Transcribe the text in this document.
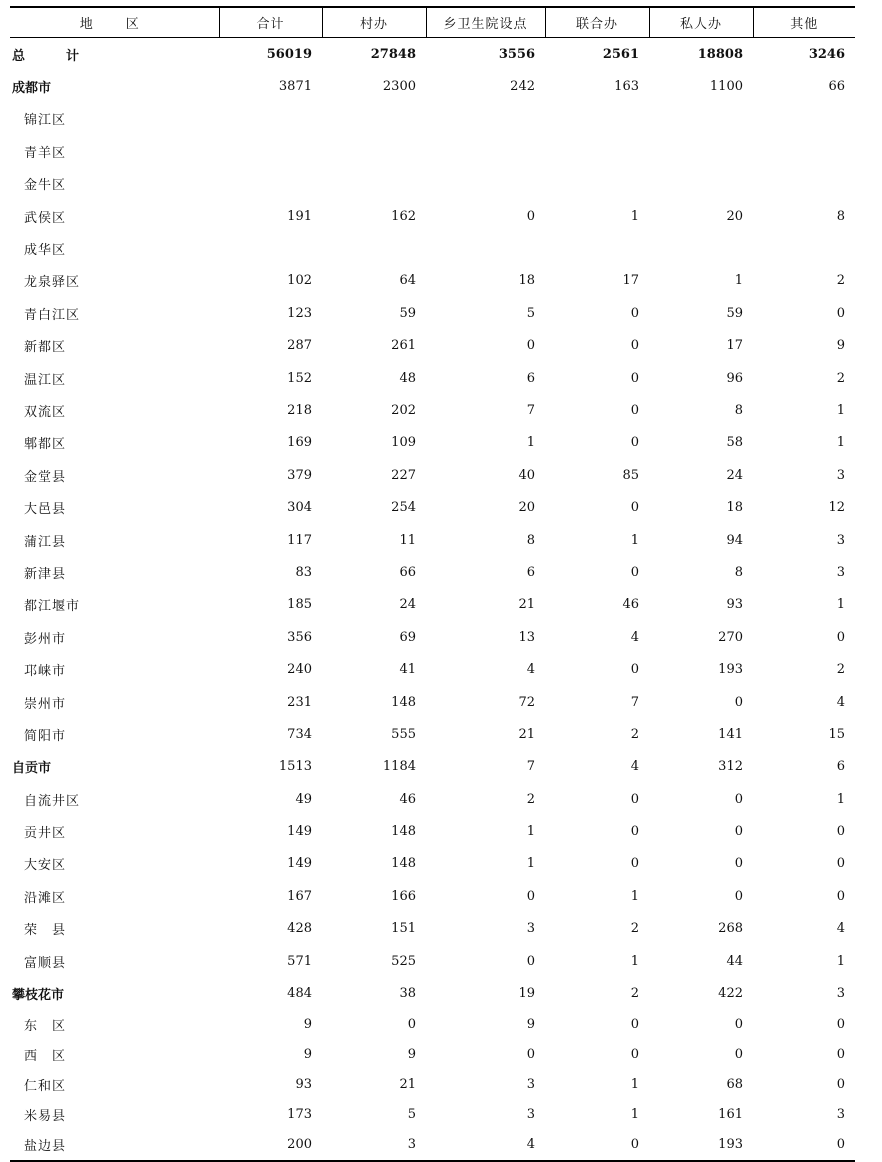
地　区	合计	村办	乡卫生院设点	联合办	私人办	其他
总　计	56019	27848	3556	2561	18808	3246
成都市	3871	2300	242	163	1100	66
锦江区						
青羊区						
金牛区						
武侯区	191	162	0	1	20	8
成华区						
龙泉驿区	102	64	18	17	1	2
青白江区	123	59	5	0	59	0
新都区	287	261	0	0	17	9
温江区	152	48	6	0	96	2
双流区	218	202	7	0	8	1
郫都区	169	109	1	0	58	1
金堂县	379	227	40	85	24	3
大邑县	304	254	20	0	18	12
蒲江县	117	11	8	1	94	3
新津县	83	66	6	0	8	3
都江堰市	185	24	21	46	93	1
彭州市	356	69	13	4	270	0
邛崃市	240	41	4	0	193	2
崇州市	231	148	72	7	0	4
简阳市	734	555	21	2	141	15
自贡市	1513	1184	7	4	312	6
自流井区	49	46	2	0	0	1
贡井区	149	148	1	0	0	0
大安区	149	148	1	0	0	0
沿滩区	167	166	0	1	0	0
荣　县	428	151	3	2	268	4
富顺县	571	525	0	1	44	1
攀枝花市	484	38	19	2	422	3
东　区	9	0	9	0	0	0
西　区	9	9	0	0	0	0
仁和区	93	21	3	1	68	0
米易县	173	5	3	1	161	3
盐边县	200	3	4	0	193	0
